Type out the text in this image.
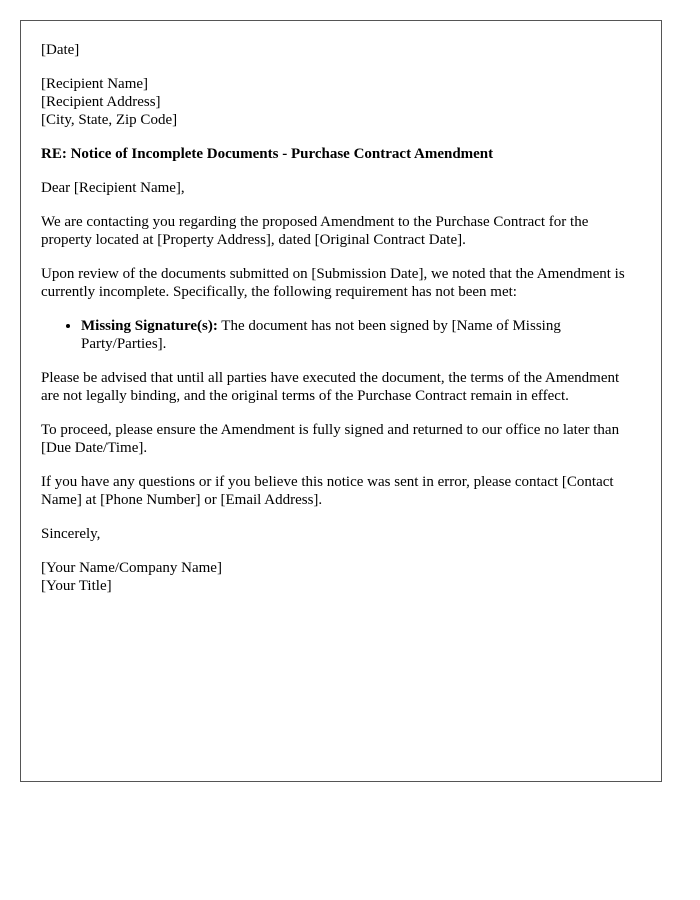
[Date]

[Recipient Name]
[Recipient Address]
[City, State, Zip Code]

RE: Notice of Incomplete Documents - Purchase Contract Amendment

Dear [Recipient Name],

We are contacting you regarding the proposed Amendment to the Purchase Contract for the property located at [Property Address], dated [Original Contract Date].

Upon review of the documents submitted on [Submission Date], we noted that the Amendment is currently incomplete. Specifically, the following requirement has not been met:

• Missing Signature(s): The document has not been signed by [Name of Missing Party/Parties].

Please be advised that until all parties have executed the document, the terms of the Amendment are not legally binding, and the original terms of the Purchase Contract remain in effect.

To proceed, please ensure the Amendment is fully signed and returned to our office no later than [Due Date/Time].

If you have any questions or if you believe this notice was sent in error, please contact [Contact Name] at [Phone Number] or [Email Address].

Sincerely,

[Your Name/Company Name]
[Your Title]
